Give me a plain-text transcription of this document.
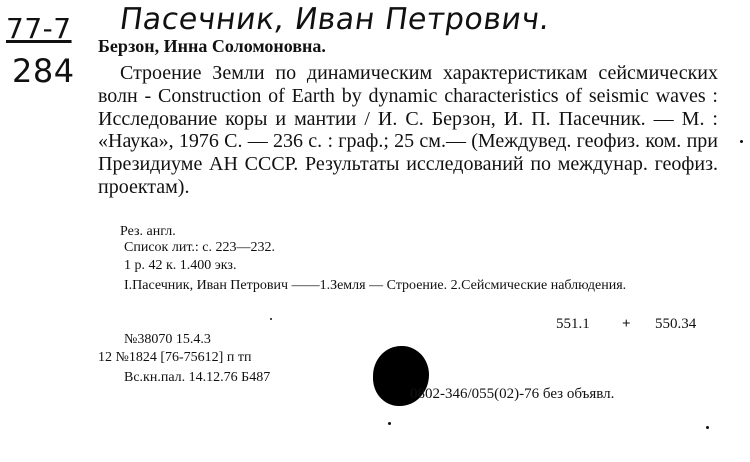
Пасечник, Иван Петрович.
77-7
284
Берзон, Инна Соломоновна.
Строение Земли по динамическим характеристикам сейсмических волн - Construction of Earth by dynamic characteristics of seismic waves : Исследование коры и мантии / И. С. Берзон, И. П. Пасечник. — М. : «Наука», 1976 С. — 236 с. : граф.; 25 см.— (Междувед. геофиз. ком. при Президиуме АН СССР. Результаты исследований по междунар. геофиз. проектам).
Рез. англ.
Список лит.: с. 223—232.
1 р. 42 к. 1.400 экз.
I.Пасечник, Иван Петрович ——1.Земля — Строение. 2.Сейсмические наблюдения.
551.1 + 550.34
№38070 15.4.3
12 №1824 [76-75612] п тп
Вс.кн.пал. 14.12.76 Б487
0802-346/055(02)-76 без объявл.
